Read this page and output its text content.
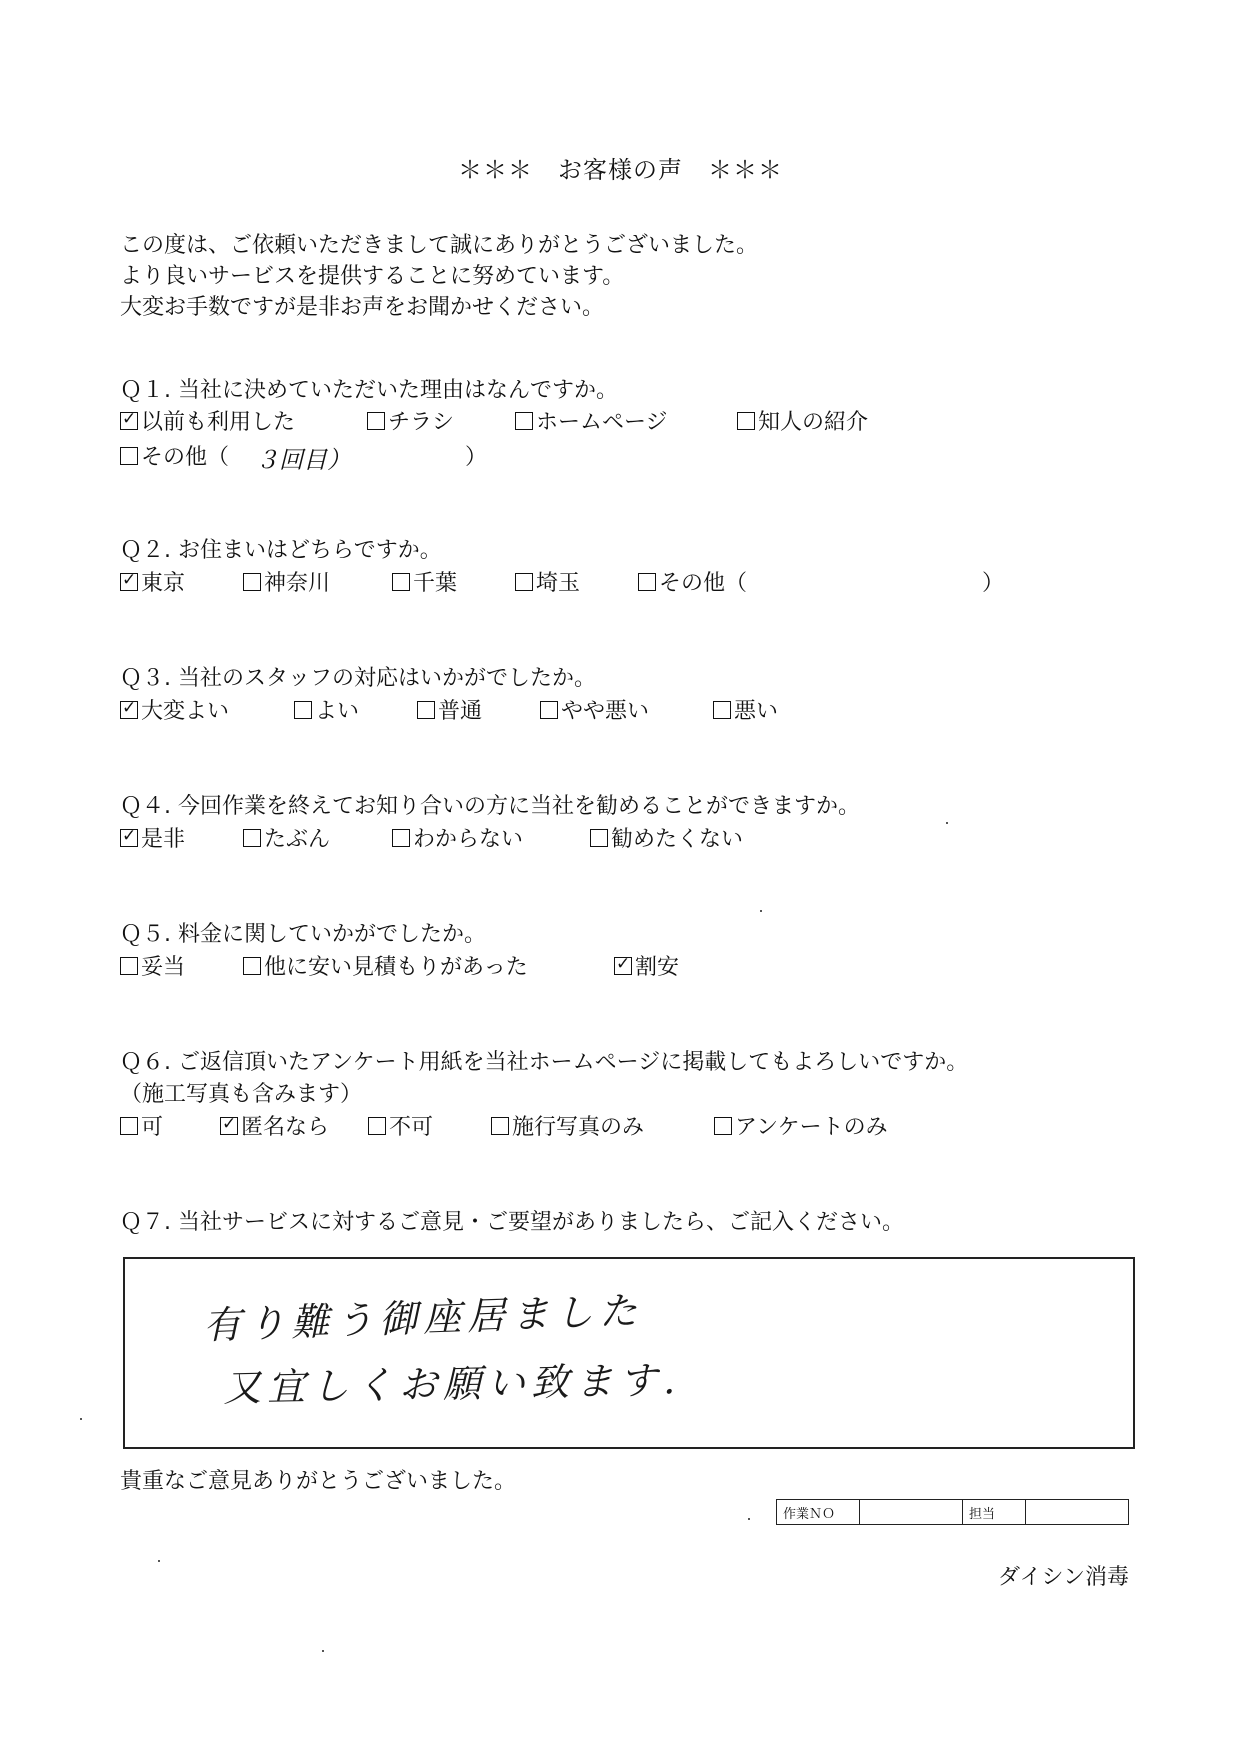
＊＊＊　お客様の声　＊＊＊
この度は、ご依頼いただきまして誠にありがとうございました。
より良いサービスを提供することに努めています。
大変お手数ですが是非お声をお聞かせください。
Ｑ１. 当社に決めていただいた理由はなんですか。
✓ 以前も利用した	チラシ	ホームページ	知人の紹介
その他（ ３回目）	）
Ｑ２. お住まいはどちらですか。
✓ 東京	神奈川	千葉	埼玉	その他（	）
Ｑ３. 当社のスタッフの対応はいかがでしたか。
✓ 大変よい	よい	普通	やや悪い	悪い
Ｑ４. 今回作業を終えてお知り合いの方に当社を勧めることができますか。
✓ 是非	たぶん	わからない	勧めたくない
Ｑ５. 料金に関していかがでしたか。
妥当	他に安い見積もりがあった	✓ 割安
Ｑ６. ご返信頂いたアンケート用紙を当社ホームページに掲載してもよろしいですか。
（施工写真も含みます）
可	✓ 匿名なら	不可	施行写真のみ	アンケートのみ
Ｑ７. 当社サービスに対するご意見・ご要望がありましたら、ご記入ください。
有り難う御座居ました
又宜しくお願い致ます.
貴重なご意見ありがとうございました。
作業ＮＯ		担当	
ダイシン消毒
